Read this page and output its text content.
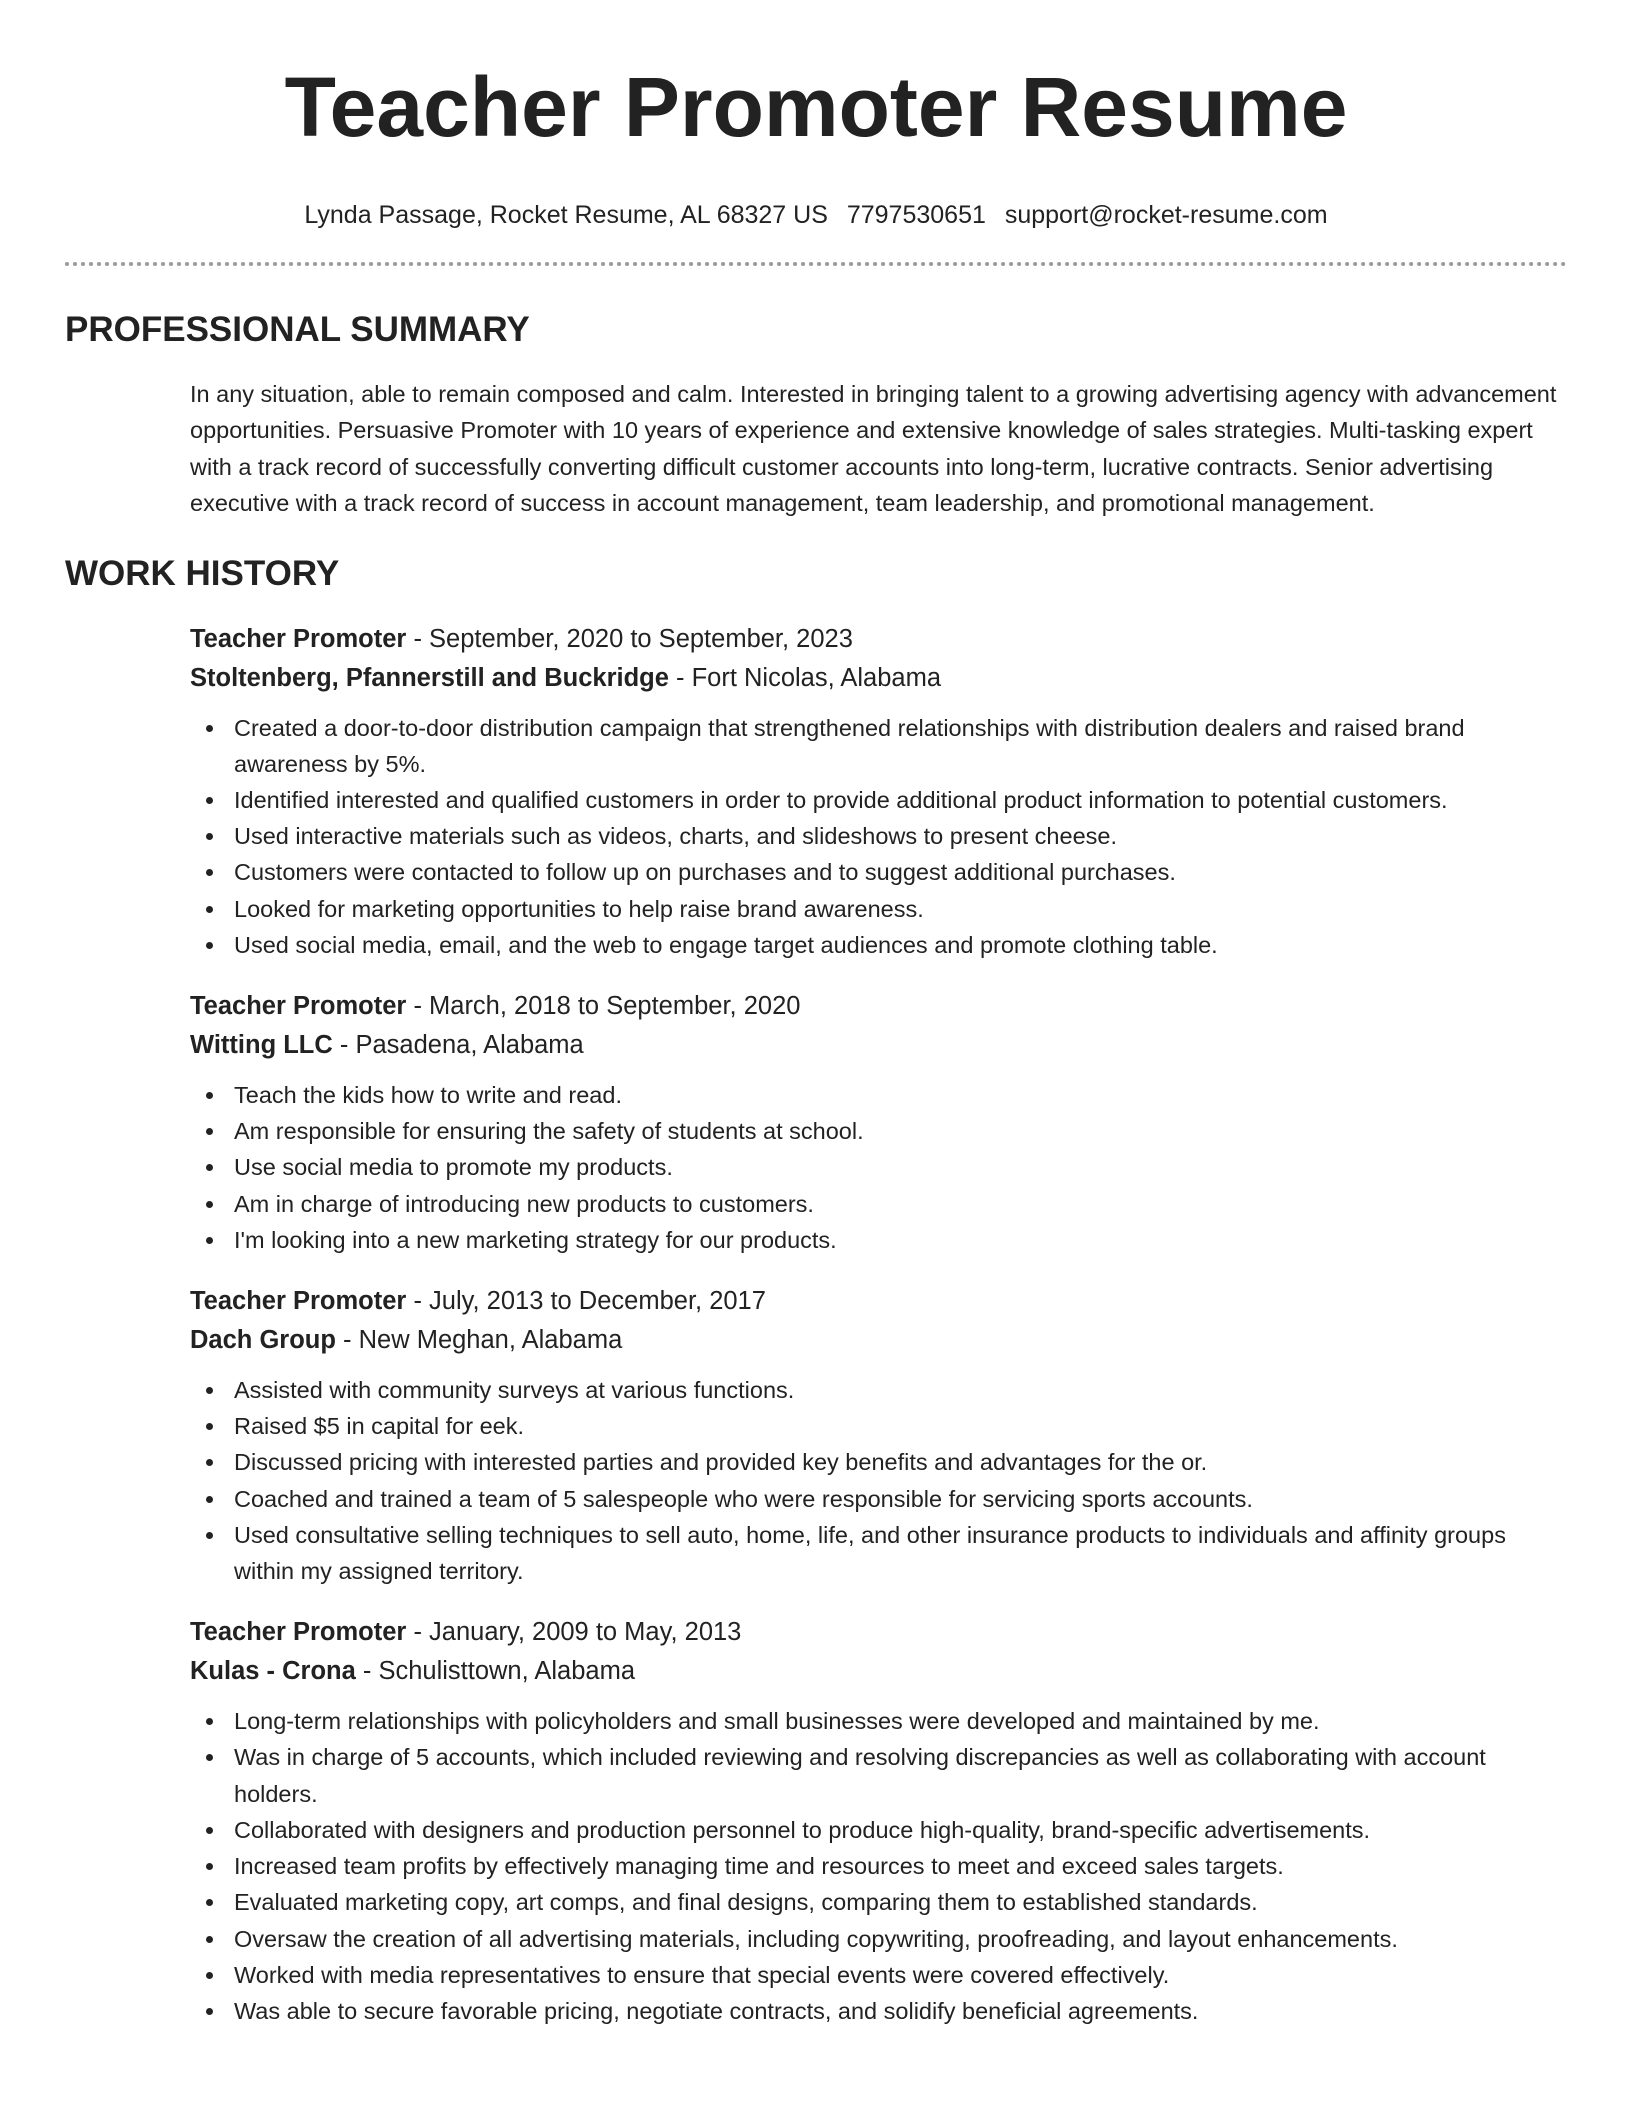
Teacher Promoter Resume
Lynda Passage, Rocket Resume, AL 68327 US 7797530651 support@rocket-resume.com
PROFESSIONAL SUMMARY

In any situation, able to remain composed and calm. Interested in bringing talent to a growing advertising agency with advancement opportunities. Persuasive Promoter with 10 years of experience and extensive knowledge of sales strategies. Multi-tasking expert with a track record of successfully converting difficult customer accounts into long-term, lucrative contracts. Senior advertising executive with a track record of success in account management, team leadership, and promotional management.

WORK HISTORY
Teacher Promoter - September, 2020 to September, 2023
Stoltenberg, Pfannerstill and Buckridge - Fort Nicolas, Alabama
Created a door-to-door distribution campaign that strengthened relationships with distribution dealers and raised brand awareness by 5%.
Identified interested and qualified customers in order to provide additional product information to potential customers.
Used interactive materials such as videos, charts, and slideshows to present cheese.
Customers were contacted to follow up on purchases and to suggest additional purchases.
Looked for marketing opportunities to help raise brand awareness.
Used social media, email, and the web to engage target audiences and promote clothing table.
Teacher Promoter - March, 2018 to September, 2020
Witting LLC - Pasadena, Alabama
Teach the kids how to write and read.
Am responsible for ensuring the safety of students at school.
Use social media to promote my products.
Am in charge of introducing new products to customers.
I'm looking into a new marketing strategy for our products.
Teacher Promoter - July, 2013 to December, 2017
Dach Group - New Meghan, Alabama
Assisted with community surveys at various functions.
Raised $5 in capital for eek.
Discussed pricing with interested parties and provided key benefits and advantages for the or.
Coached and trained a team of 5 salespeople who were responsible for servicing sports accounts.
Used consultative selling techniques to sell auto, home, life, and other insurance products to individuals and affinity groups within my assigned territory.
Teacher Promoter - January, 2009 to May, 2013
Kulas - Crona - Schulisttown, Alabama
Long-term relationships with policyholders and small businesses were developed and maintained by me.
Was in charge of 5 accounts, which included reviewing and resolving discrepancies as well as collaborating with account holders.
Collaborated with designers and production personnel to produce high-quality, brand-specific advertisements.
Increased team profits by effectively managing time and resources to meet and exceed sales targets.
Evaluated marketing copy, art comps, and final designs, comparing them to established standards.
Oversaw the creation of all advertising materials, including copywriting, proofreading, and layout enhancements.
Worked with media representatives to ensure that special events were covered effectively.
Was able to secure favorable pricing, negotiate contracts, and solidify beneficial agreements.
